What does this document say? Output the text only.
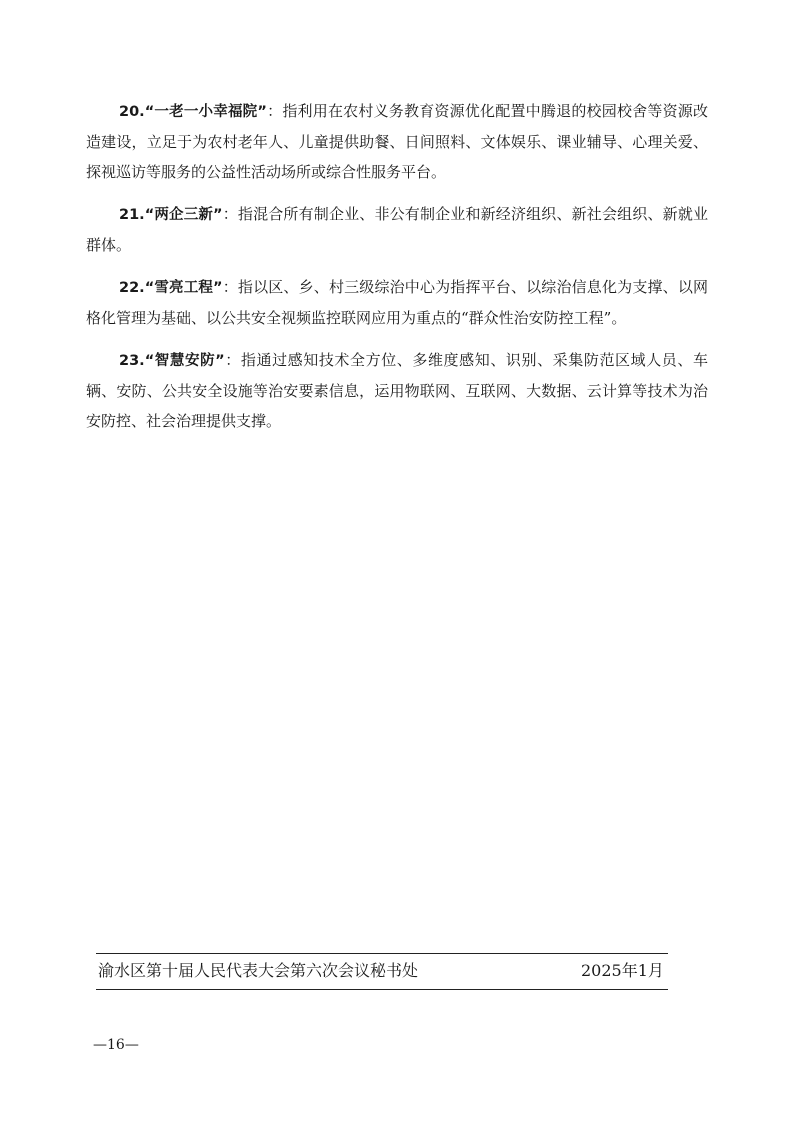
20.“一老一小幸福院”：指利用在农村义务教育资源优化配置中腾退的校园校舍等资源改造建设，立足于为农村老年人、儿童提供助餐、日间照料、文体娱乐、课业辅导、心理关爱、探视巡访等服务的公益性活动场所或综合性服务平台。

21.“两企三新”：指混合所有制企业、非公有制企业和新经济组织、新社会组织、新就业群体。

22.“雪亮工程”：指以区、乡、村三级综治中心为指挥平台、以综治信息化为支撑、以网格化管理为基础、以公共安全视频监控联网应用为重点的“群众性治安防控工程”。

23.“智慧安防”：指通过感知技术全方位、多维度感知、识别、采集防范区域人员、车辆、安防、公共安全设施等治安要素信息，运用物联网、互联网、大数据、云计算等技术为治安防控、社会治理提供支撑。

渝水区第十届人民代表大会第六次会议秘书处	2025年1月
—16—
